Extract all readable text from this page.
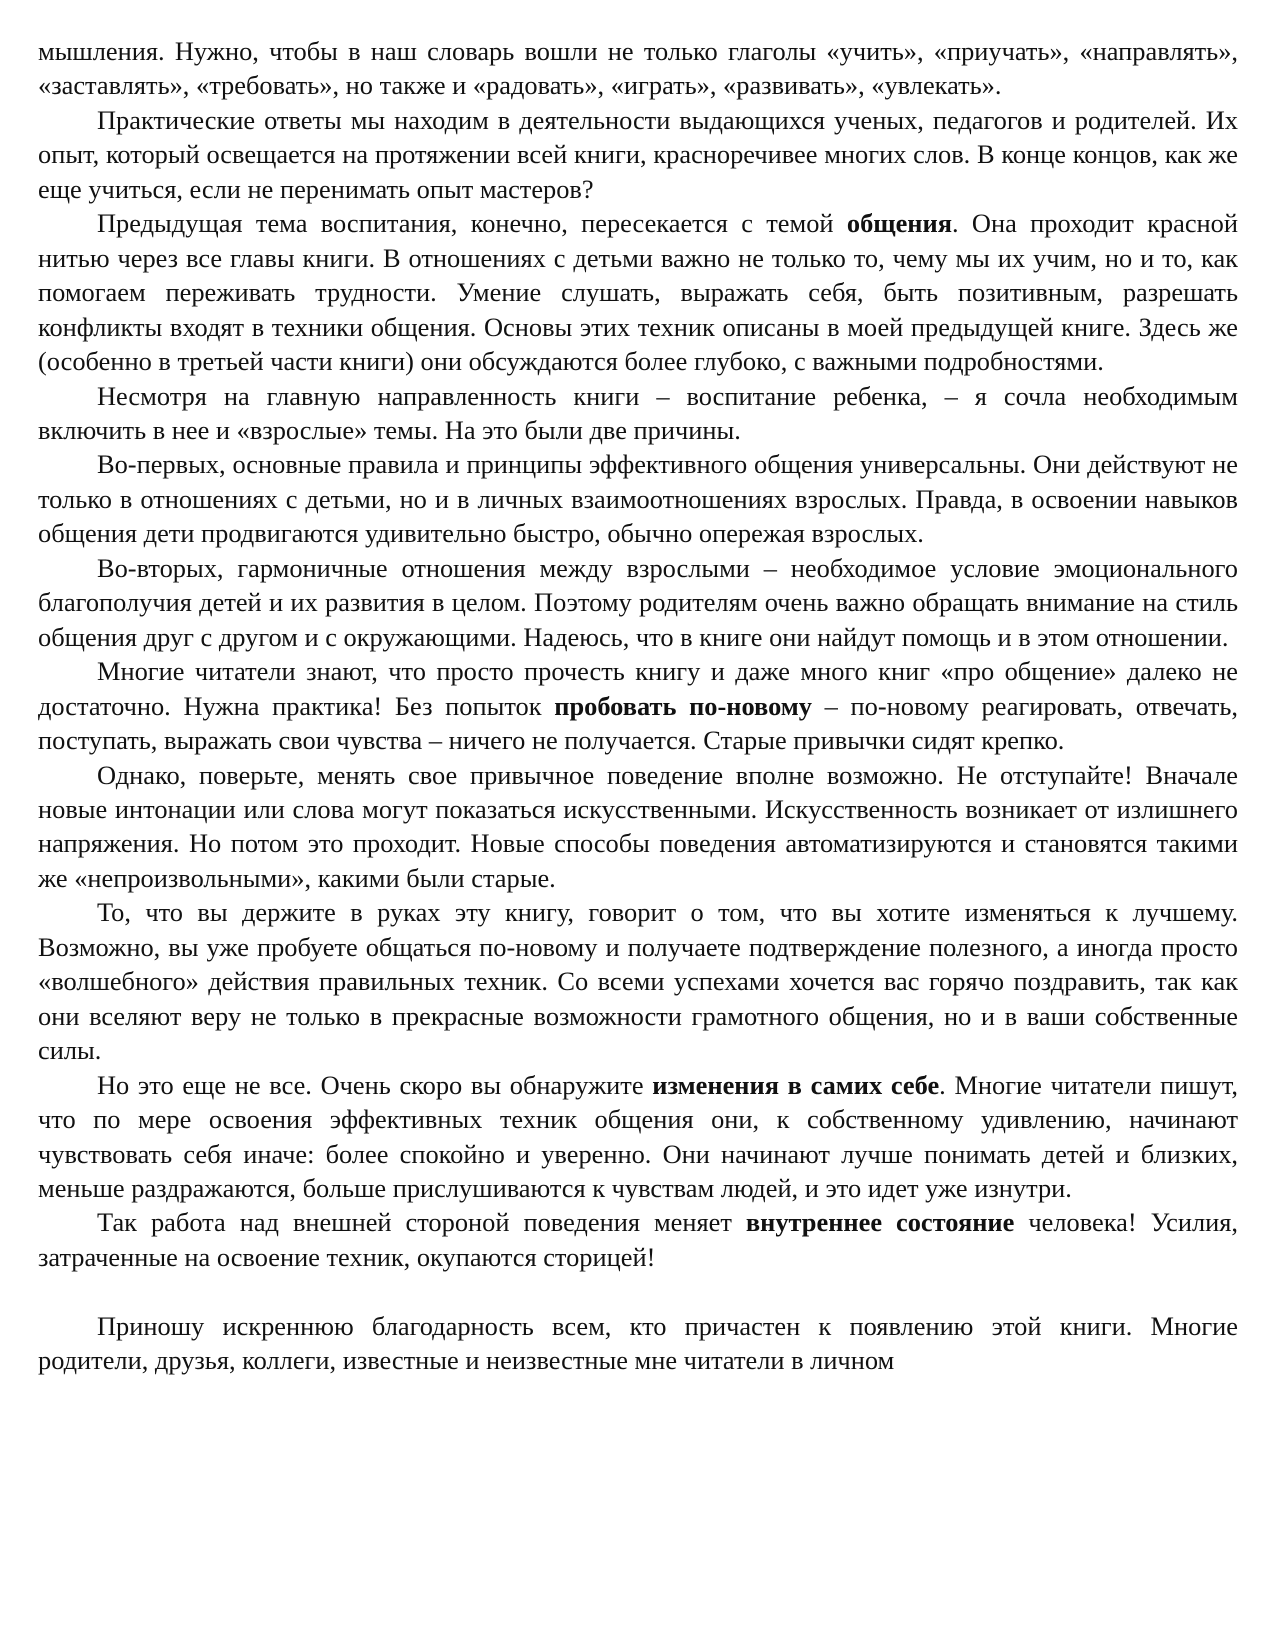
мышления. Нужно, чтобы в наш словарь вошли не только глаголы «учить», «приучать», «направлять», «заставлять», «требовать», но также и «радовать», «играть», «развивать», «увлекать».

Практические ответы мы находим в деятельности выдающихся ученых, педагогов и родителей. Их опыт, который освещается на протяжении всей книги, красноречивее многих слов. В конце концов, как же еще учиться, если не перенимать опыт мастеров?

Предыдущая тема воспитания, конечно, пересекается с темой общения. Она проходит красной нитью через все главы книги. В отношениях с детьми важно не только то, чему мы их учим, но и то, как помогаем переживать трудности. Умение слушать, выражать себя, быть позитивным, разрешать конфликты входят в техники общения. Основы этих техник описаны в моей предыдущей книге. Здесь же (особенно в третьей части книги) они обсуждаются более глубоко, с важными подробностями.

Несмотря на главную направленность книги – воспитание ребенка, – я сочла необходимым включить в нее и «взрослые» темы. На это были две причины.

Во-первых, основные правила и принципы эффективного общения универсальны. Они действуют не только в отношениях с детьми, но и в личных взаимоотношениях взрослых. Правда, в освоении навыков общения дети продвигаются удивительно быстро, обычно опережая взрослых.

Во-вторых, гармоничные отношения между взрослыми – необходимое условие эмоционального благополучия детей и их развития в целом. Поэтому родителям очень важно обращать внимание на стиль общения друг с другом и с окружающими. Надеюсь, что в книге они найдут помощь и в этом отношении.

Многие читатели знают, что просто прочесть книгу и даже много книг «про общение» далеко не достаточно. Нужна практика! Без попыток пробовать по-новому – по-новому реагировать, отвечать, поступать, выражать свои чувства – ничего не получается. Старые привычки сидят крепко.

Однако, поверьте, менять свое привычное поведение вполне возможно. Не отступайте! Вначале новые интонации или слова могут показаться искусственными. Искусственность возникает от излишнего напряжения. Но потом это проходит. Новые способы поведения автоматизируются и становятся такими же «непроизвольными», какими были старые.

То, что вы держите в руках эту книгу, говорит о том, что вы хотите изменяться к лучшему. Возможно, вы уже пробуете общаться по-новому и получаете подтверждение полезного, а иногда просто «волшебного» действия правильных техник. Со всеми успехами хочется вас горячо поздравить, так как они вселяют веру не только в прекрасные возможности грамотного общения, но и в ваши собственные силы.

Но это еще не все. Очень скоро вы обнаружите изменения в самих себе. Многие читатели пишут, что по мере освоения эффективных техник общения они, к собственному удивлению, начинают чувствовать себя иначе: более спокойно и уверенно. Они начинают лучше понимать детей и близких, меньше раздражаются, больше прислушиваются к чувствам людей, и это идет уже изнутри.

Так работа над внешней стороной поведения меняет внутреннее состояние человека! Усилия, затраченные на освоение техник, окупаются сторицей!

Приношу искреннюю благодарность всем, кто причастен к появлению этой книги. Многие родители, друзья, коллеги, известные и неизвестные мне читатели в личном
